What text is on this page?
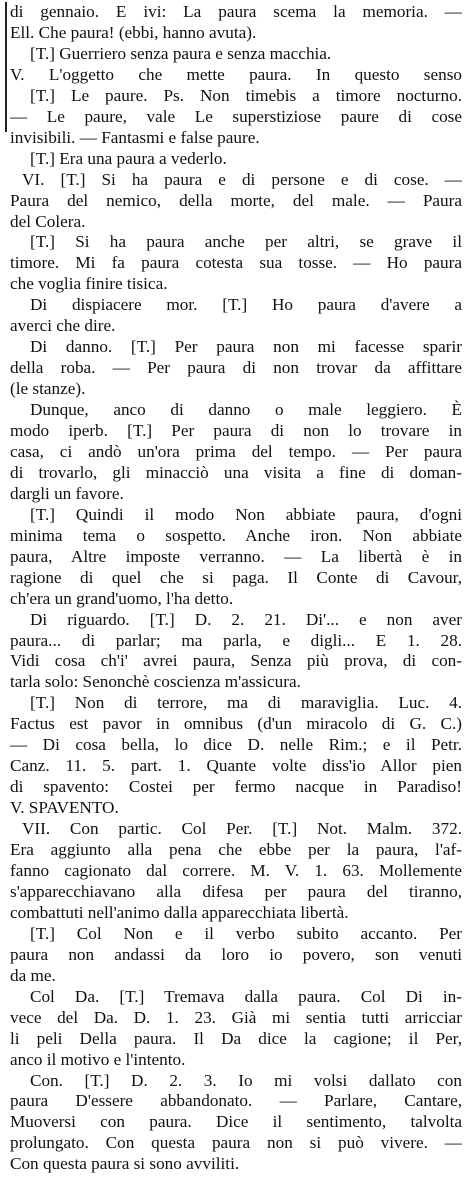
di gennaio. E ivi: La paura scema la memoria. —
Ell. Che paura! (ebbi, hanno avuta).
[T.] Guerriero senza paura e senza macchia.
V. L'oggetto che mette paura. In questo senso
[T.] Le paure. Ps. Non timebis a timore nocturno.
— Le paure, vale Le superstiziose paure di cose
invisibili. — Fantasmi e false paure.
[T.] Era una paura a vederlo.
VI. [T.] Si ha paura e di persone e di cose. —
Paura del nemico, della morte, del male. — Paura
del Colera.
[T.] Si ha paura anche per altri, se grave il
timore. Mi fa paura cotesta sua tosse. — Ho paura
che voglia finire tisica.
Di dispiacere mor. [T.] Ho paura d'avere a
averci che dire.
Di danno. [T.] Per paura non mi facesse sparir
della roba. — Per paura di non trovar da affittare
(le stanze).
Dunque, anco di danno o male leggiero. È
modo iperb. [T.] Per paura di non lo trovare in
casa, ci andò un'ora prima del tempo. — Per paura
di trovarlo, gli minacciò una visita a fine di doman-
dargli un favore.
[T.] Quindi il modo Non abbiate paura, d'ogni
minima tema o sospetto. Anche iron. Non abbiate
paura, Altre imposte verranno. — La libertà è in
ragione di quel che si paga. Il Conte di Cavour,
ch'era un grand'uomo, l'ha detto.
Di riguardo. [T.] D. 2. 21. Di'... e non aver
paura... di parlar; ma parla, e digli... E 1. 28.
Vidi cosa ch'i' avrei paura, Senza più prova, di con-
tarla solo: Senonchè coscienza m'assicura.
[T.] Non di terrore, ma di maraviglia. Luc. 4.
Factus est pavor in omnibus (d'un miracolo di G. C.)
— Di cosa bella, lo dice D. nelle Rim.; e il Petr.
Canz. 11. 5. part. 1. Quante volte diss'io Allor pien
di spavento: Costei per fermo nacque in Paradiso!
V. SPAVENTO.
VII. Con partic. Col Per. [T.] Not. Malm. 372.
Era aggiunto alla pena che ebbe per la paura, l'af-
fanno cagionato dal correre. M. V. 1. 63. Mollemente
s'apparecchiavano alla difesa per paura del tiranno,
combattuti nell'animo dalla apparecchiata libertà.
[T.] Col Non e il verbo subito accanto. Per
paura non andassi da loro io povero, son venuti
da me.
Col Da. [T.] Tremava dalla paura. Col Di in-
vece del Da. D. 1. 23. Già mi sentia tutti arricciar
li peli Della paura. Il Da dice la cagione; il Per,
anco il motivo e l'intento.
Con. [T.] D. 2. 3. Io mi volsi dallato con
paura D'essere abbandonato. — Parlare, Cantare,
Muoversi con paura. Dice il sentimento, talvolta
prolungato. Con questa paura non si può vivere. —
Con questa paura si sono avviliti.
